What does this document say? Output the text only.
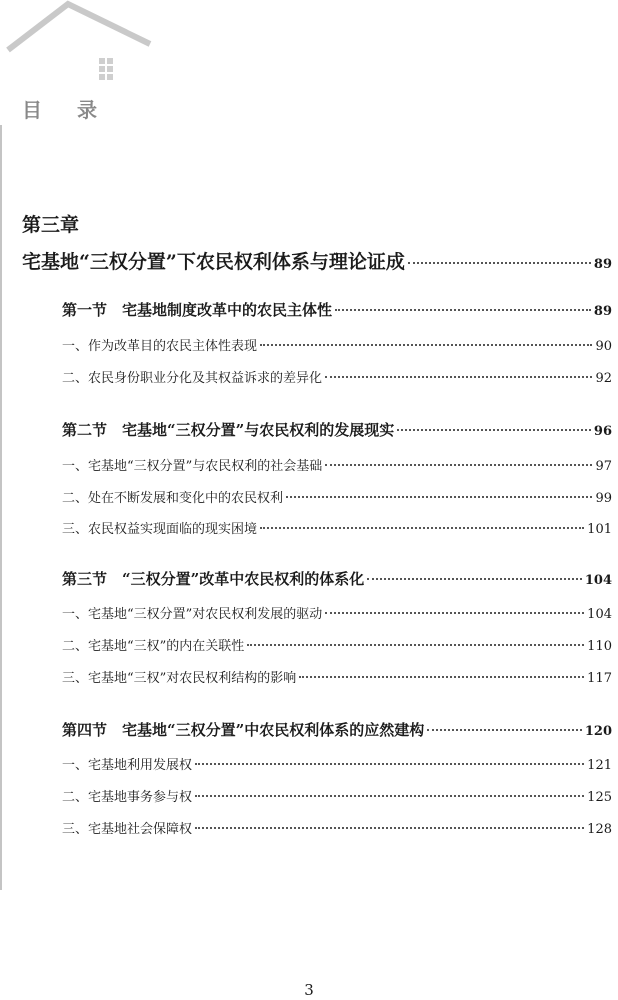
目 录
第三章
宅基地“三权分置”下农民权利体系与理论证成	89
第一节　宅基地制度改革中的农民主体性	89
一、作为改革目的农民主体性表现	90
二、农民身份职业分化及其权益诉求的差异化	92
第二节　宅基地“三权分置”与农民权利的发展现实	96
一、宅基地“三权分置”与农民权利的社会基础	97
二、处在不断发展和变化中的农民权利	99
三、农民权益实现面临的现实困境	101
第三节　“三权分置”改革中农民权利的体系化	104
一、宅基地“三权分置”对农民权利发展的驱动	104
二、宅基地“三权”的内在关联性	110
三、宅基地“三权”对农民权利结构的影响	117
第四节　宅基地“三权分置”中农民权利体系的应然建构	120
一、宅基地利用发展权	121
二、宅基地事务参与权	125
三、宅基地社会保障权	128
3
